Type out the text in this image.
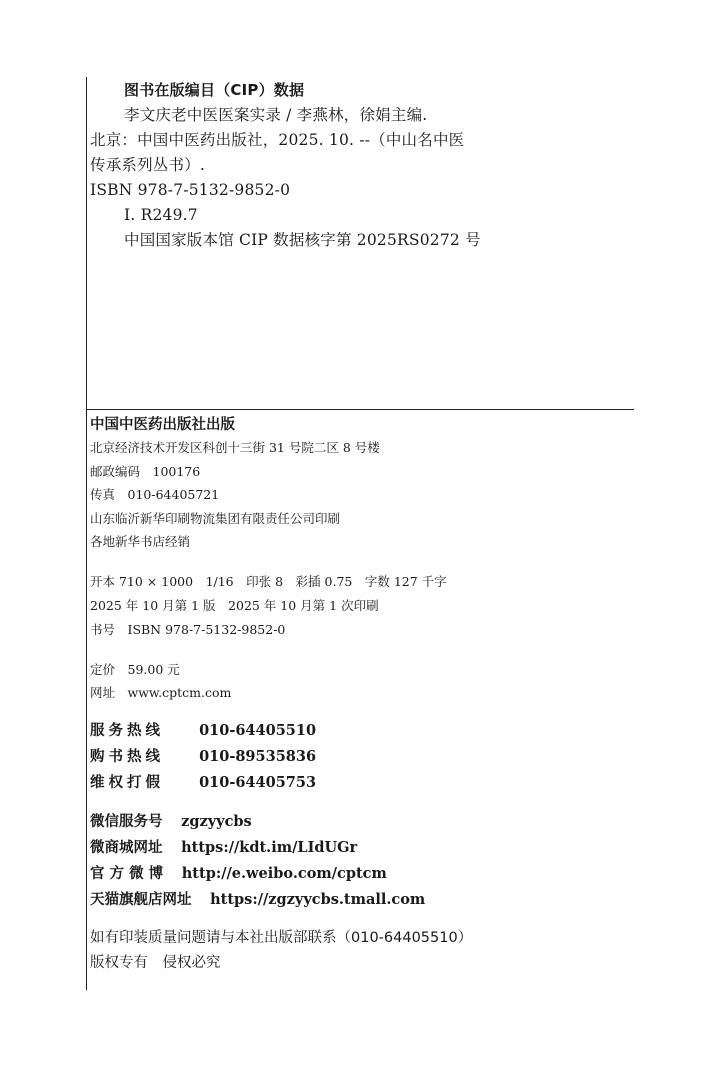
图书在版编目（CIP）数据
李文庆老中医医案实录 / 李燕林，徐娟主编.
北京：中国中医药出版社，2025. 10. --（中山名中医
传承系列丛书）.
ISBN 978-7-5132-9852-0
Ⅰ. R249.7
中国国家版本馆 CIP 数据核字第 2025RS0272 号
中国中医药出版社出版
北京经济技术开发区科创十三街 31 号院二区 8 号楼
邮政编码　100176
传真　010-64405721
山东临沂新华印刷物流集团有限责任公司印刷
各地新华书店经销
开本 710 × 1000　1/16　印张 8　彩插 0.75　字数 127 千字
2025 年 10 月第 1 版　2025 年 10 月第 1 次印刷
书号　ISBN 978-7-5132-9852-0
定价　59.00 元
网址　www.cptcm.com
服务热线 010-64405510
购书热线 010-89535836
维权打假 010-64405753
微信服务号 zgzyycbs
微商城网址 https://kdt.im/LIdUGr
官 方 微 博 http://e.weibo.com/cptcm
天猫旗舰店网址 https://zgzyycbs.tmall.com
如有印装质量问题请与本社出版部联系（010-64405510）
版权专有　侵权必究
